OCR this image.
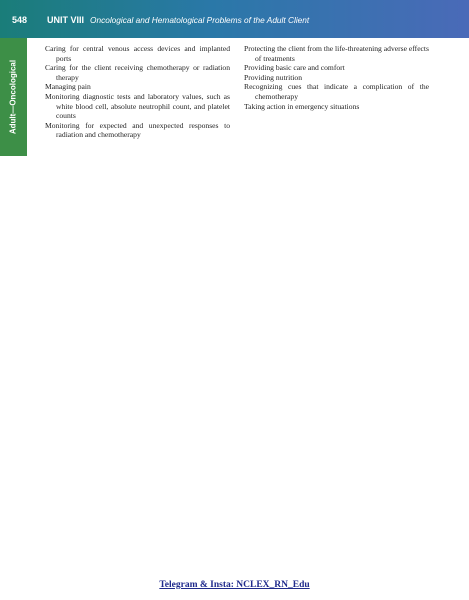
548 UNIT VIII Oncological and Hematological Problems of the Adult Client
Adult—Oncological
Caring for central venous access devices and implanted ports
Caring for the client receiving chemotherapy or radiation therapy
Managing pain
Monitoring diagnostic tests and laboratory values, such as white blood cell, absolute neutrophil count, and platelet counts
Monitoring for expected and unexpected responses to radiation and chemotherapy
Protecting the client from the life-threatening adverse effects of treatments
Providing basic care and comfort
Providing nutrition
Recognizing cues that indicate a complication of the chemotherapy
Taking action in emergency situations
Telegram & Insta: NCLEX_RN_Edu
